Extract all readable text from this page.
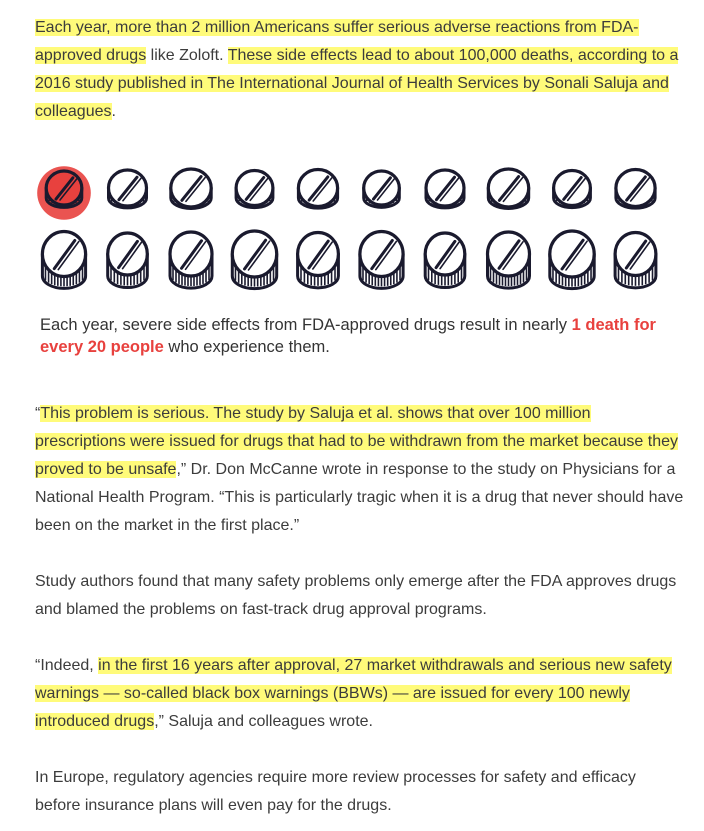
Each year, more than 2 million Americans suffer serious adverse reactions from FDA-approved drugs like Zoloft. These side effects lead to about 100,000 deaths, according to a 2016 study published in The International Journal of Health Services by Sonali Saluja and colleagues.

Each year, severe side effects from FDA-approved drugs result in nearly 1 death for every 20 people who experience them.

“This problem is serious. The study by Saluja et al. shows that over 100 million prescriptions were issued for drugs that had to be withdrawn from the market because they proved to be unsafe,” Dr. Don McCanne wrote in response to the study on Physicians for a National Health Program. “This is particularly tragic when it is a drug that never should have been on the market in the first place.”

Study authors found that many safety problems only emerge after the FDA approves drugs and blamed the problems on fast-track drug approval programs.

“Indeed, in the first 16 years after approval, 27 market withdrawals and serious new safety warnings — so-called black box warnings (BBWs) — are issued for every 100 newly introduced drugs,” Saluja and colleagues wrote.

In Europe, regulatory agencies require more review processes for safety and efficacy before insurance plans will even pay for the drugs.
